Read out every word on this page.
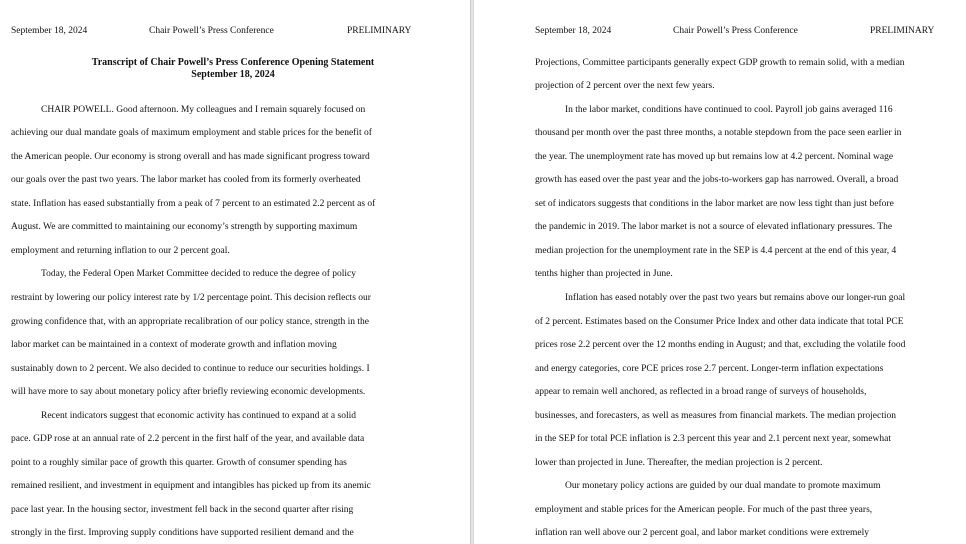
September 18, 2024	Chair Powell’s Press Conference	PRELIMINARY
Transcript of Chair Powell’s Press Conference Opening Statement
September 18, 2024
CHAIR POWELL. Good afternoon. My colleagues and I remain squarely focused on
achieving our dual mandate goals of maximum employment and stable prices for the benefit of
the American people. Our economy is strong overall and has made significant progress toward
our goals over the past two years. The labor market has cooled from its formerly overheated
state. Inflation has eased substantially from a peak of 7 percent to an estimated 2.2 percent as of
August. We are committed to maintaining our economy’s strength by supporting maximum
employment and returning inflation to our 2 percent goal.
Today, the Federal Open Market Committee decided to reduce the degree of policy
restraint by lowering our policy interest rate by 1/2 percentage point. This decision reflects our
growing confidence that, with an appropriate recalibration of our policy stance, strength in the
labor market can be maintained in a context of moderate growth and inflation moving
sustainably down to 2 percent. We also decided to continue to reduce our securities holdings. I
will have more to say about monetary policy after briefly reviewing economic developments.
Recent indicators suggest that economic activity has continued to expand at a solid
pace. GDP rose at an annual rate of 2.2 percent in the first half of the year, and available data
point to a roughly similar pace of growth this quarter. Growth of consumer spending has
remained resilient, and investment in equipment and intangibles has picked up from its anemic
pace last year. In the housing sector, investment fell back in the second quarter after rising
strongly in the first. Improving supply conditions have supported resilient demand and the
September 18, 2024	Chair Powell’s Press Conference	PRELIMINARY
Projections, Committee participants generally expect GDP growth to remain solid, with a median
projection of 2 percent over the next few years.
In the labor market, conditions have continued to cool. Payroll job gains averaged 116
thousand per month over the past three months, a notable stepdown from the pace seen earlier in
the year. The unemployment rate has moved up but remains low at 4.2 percent. Nominal wage
growth has eased over the past year and the jobs-to-workers gap has narrowed. Overall, a broad
set of indicators suggests that conditions in the labor market are now less tight than just before
the pandemic in 2019. The labor market is not a source of elevated inflationary pressures. The
median projection for the unemployment rate in the SEP is 4.4 percent at the end of this year, 4
tenths higher than projected in June.
Inflation has eased notably over the past two years but remains above our longer-run goal
of 2 percent. Estimates based on the Consumer Price Index and other data indicate that total PCE
prices rose 2.2 percent over the 12 months ending in August; and that, excluding the volatile food
and energy categories, core PCE prices rose 2.7 percent. Longer-term inflation expectations
appear to remain well anchored, as reflected in a broad range of surveys of households,
businesses, and forecasters, as well as measures from financial markets. The median projection
in the SEP for total PCE inflation is 2.3 percent this year and 2.1 percent next year, somewhat
lower than projected in June. Thereafter, the median projection is 2 percent.
Our monetary policy actions are guided by our dual mandate to promote maximum
employment and stable prices for the American people. For much of the past three years,
inflation ran well above our 2 percent goal, and labor market conditions were extremely
